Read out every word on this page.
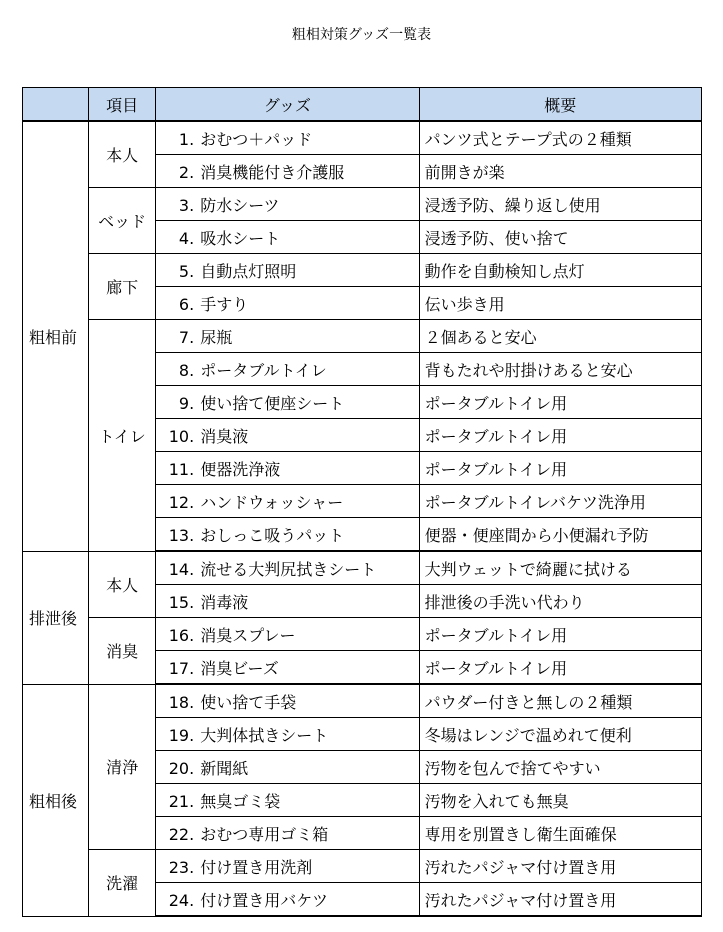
粗相対策グッズ一覧表
	項目	グッズ	概要
粗相前	本人	1. おむつ＋パッド	パンツ式とテープ式の２種類
		2. 消臭機能付き介護服	前開きが楽
	ベッド	3. 防水シーツ	浸透予防、繰り返し使用
		4. 吸水シート	浸透予防、使い捨て
	廊下	5. 自動点灯照明	動作を自動検知し点灯
		6. 手すり	伝い歩き用
	トイレ	7. 尿瓶	２個あると安心
		8. ポータブルトイレ	背もたれや肘掛けあると安心
		9. 使い捨て便座シート	ポータブルトイレ用
		10. 消臭液	ポータブルトイレ用
		11. 便器洗浄液	ポータブルトイレ用
		12. ハンドウォッシャー	ポータブルトイレバケツ洗浄用
		13. おしっこ吸うパット	便器・便座間から小便漏れ予防
排泄後	本人	14. 流せる大判尻拭きシート	大判ウェットで綺麗に拭ける
		15. 消毒液	排泄後の手洗い代わり
	消臭	16. 消臭スプレー	ポータブルトイレ用
		17. 消臭ビーズ	ポータブルトイレ用
粗相後	清浄	18. 使い捨て手袋	パウダー付きと無しの２種類
		19. 大判体拭きシート	冬場はレンジで温めれて便利
		20. 新聞紙	汚物を包んで捨てやすい
		21. 無臭ゴミ袋	汚物を入れても無臭
		22. おむつ専用ゴミ箱	専用を別置きし衛生面確保
	洗濯	23. 付け置き用洗剤	汚れたパジャマ付け置き用
		24. 付け置き用バケツ	汚れたパジャマ付け置き用
